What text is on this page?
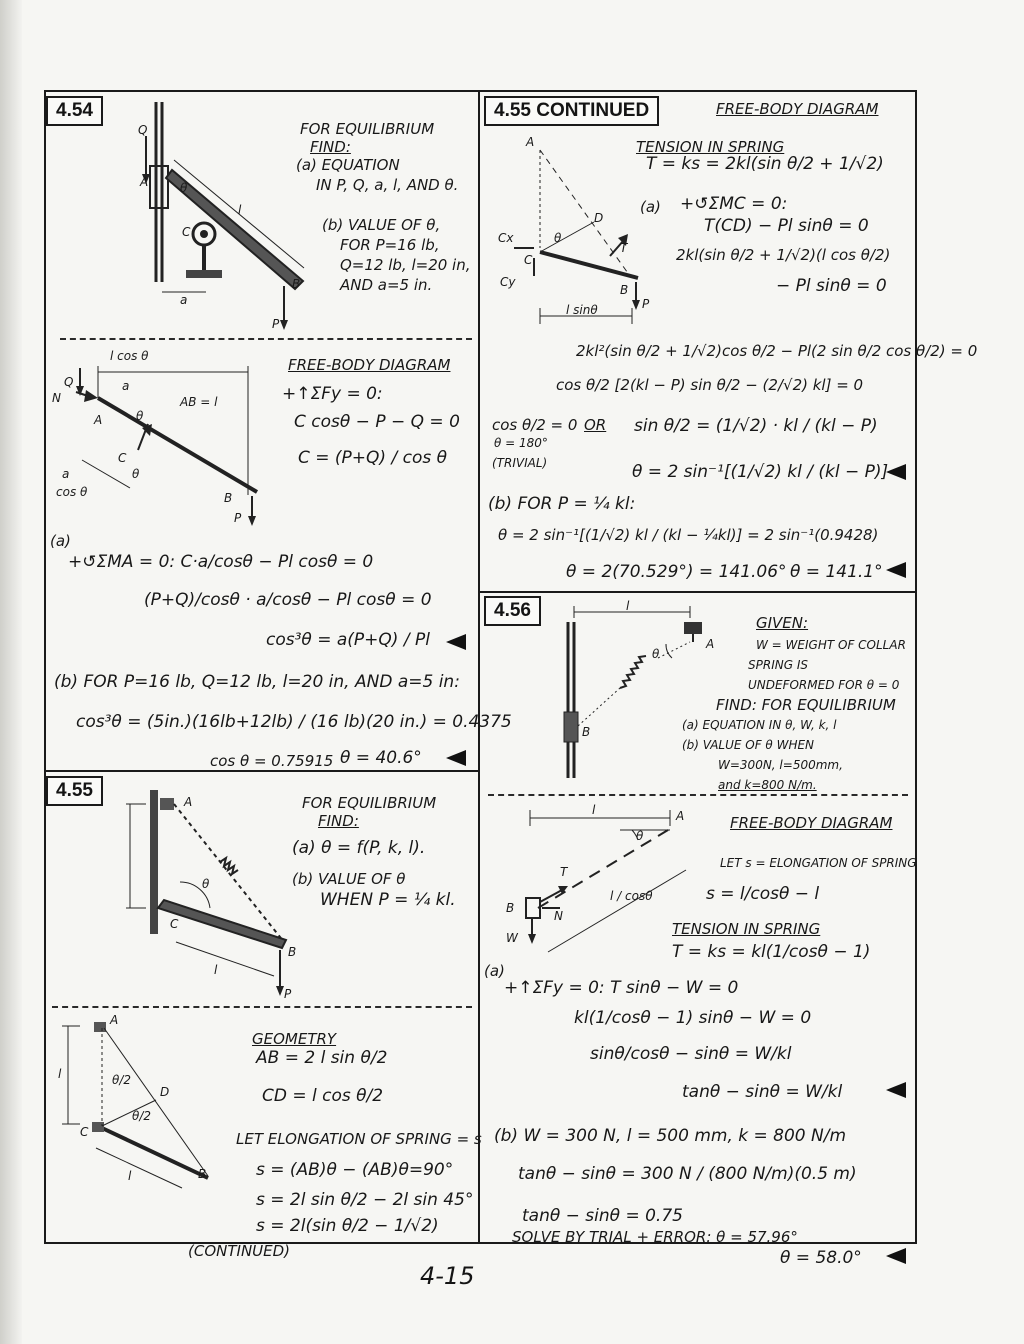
4.54
Q
A	θ
l
C
B
a
P
FOR EQUILIBRIUM
FIND:
(a) EQUATION
IN P, Q, a, l, AND θ.
(b) VALUE OF θ,
FOR P=16 lb,
Q=12 lb, l=20 in,
AND a=5 in.
l cos θ
Q	a
AB = l
N
A	θ
C
θ
a
cos θ	B
P
FREE-BODY DIAGRAM
+↑ΣFy = 0:
C cosθ − P − Q = 0
C = (P+Q) / cos θ
(a)
+↺ΣMA = 0: C·a/cosθ − Pl cosθ = 0
(P+Q)/cosθ · a/cosθ − Pl cosθ = 0
cos³θ = a(P+Q) / Pl
(b) FOR P=16 lb, Q=12 lb, l=20 in, AND a=5 in:
cos³θ = (5in.)(16lb+12lb) / (16 lb)(20 in.) = 0.4375
cos θ = 0.75915 θ = 40.6°
4.55
A
θ
C
B
l
P
FOR EQUILIBRIUM
FIND:
(a) θ = f(P, k, l).
(b) VALUE OF θ
WHEN P = ¼ kl.
A
l	θ/2
θ/2
D
C
B
l
GEOMETRY
AB = 2 l sin θ/2
CD = l cos θ/2
LET ELONGATION OF SPRING = s
s = (AB)θ − (AB)θ=90°
s = 2l sin θ/2 − 2l sin 45°
s = 2l(sin θ/2 − 1/√2)
(CONTINUED)
4.55 CONTINUED	FREE-BODY DIAGRAM
A
D
Cx
C
θ
Cy
T
B
P
l sinθ
TENSION IN SPRING
T = ks = 2kl(sin θ/2 + 1/√2)
(a) +↺ΣMC = 0:
T(CD) − Pl sinθ = 0
2kl(sin θ/2 + 1/√2)(l cos θ/2)
− Pl sinθ = 0
2kl²(sin θ/2 + 1/√2)cos θ/2 − Pl(2 sin θ/2 cos θ/2) = 0
cos θ/2 [2(kl − P) sin θ/2 − (2/√2) kl] = 0
cos θ/2 = 0
θ = 180°
(TRIVIAL)
OR sin θ/2 = (1/√2) · kl / (kl − P)
θ = 2 sin⁻¹[(1/√2) kl / (kl − P)]
(b) FOR P = ¼ kl:
θ = 2 sin⁻¹[(1/√2) kl / (kl − ¼kl)] = 2 sin⁻¹(0.9428)
θ = 2(70.529°) = 141.06° θ = 141.1°
4.56	l
θ
A
B
GIVEN:
W = WEIGHT OF COLLAR
SPRING IS
UNDEFORMED FOR θ = 0
FIND: FOR EQUILIBRIUM
(a) EQUATION IN θ, W, k, l
(b) VALUE OF θ WHEN
W=300N, l=500mm,
and k=800 N/m.
l	A
θ
T
B
N
W
l / cosθ
FREE-BODY DIAGRAM
LET s = ELONGATION OF SPRING
s = l/cosθ − l
TENSION IN SPRING
T = ks = kl(1/cosθ − 1)
(a)
+↑ΣFy = 0: T sinθ − W = 0
kl(1/cosθ − 1) sinθ − W = 0
sinθ/cosθ − sinθ = W/kl
tanθ − sinθ = W/kl
(b) W = 300 N, l = 500 mm, k = 800 N/m
tanθ − sinθ = 300 N / (800 N/m)(0.5 m)
tanθ − sinθ = 0.75
SOLVE BY TRIAL + ERROR: θ = 57.96°
θ = 58.0°
4-15
